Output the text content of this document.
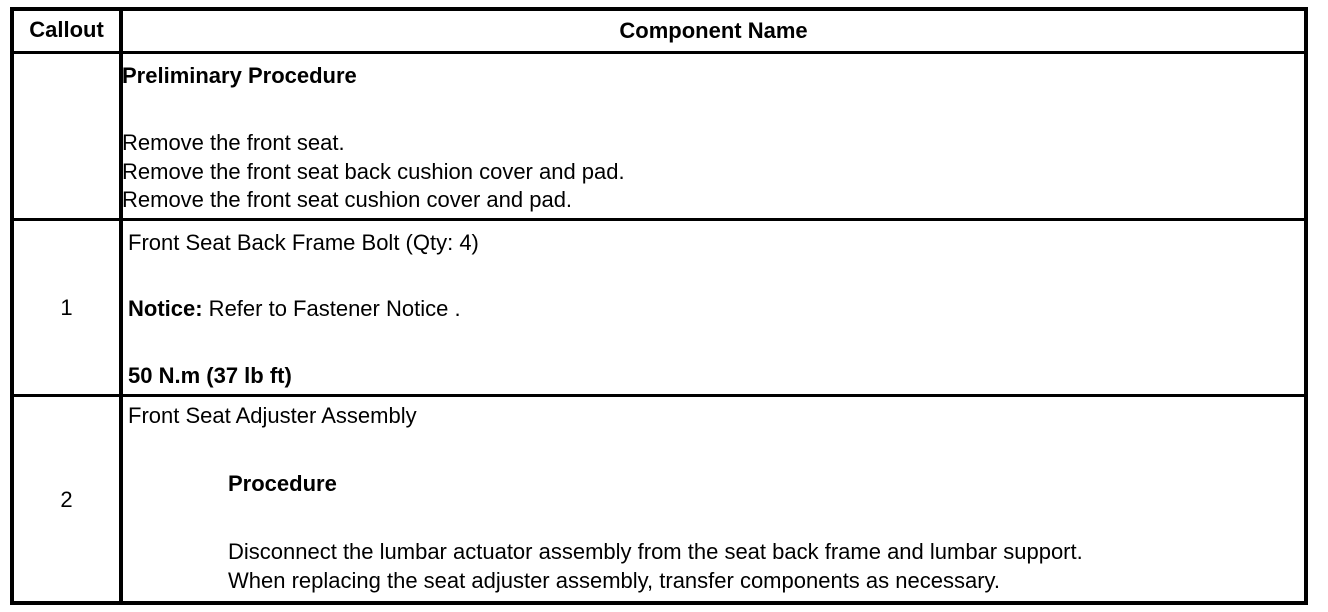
Callout	Component Name
Preliminary Procedure
Remove the front seat.
Remove the front seat back cushion cover and pad.
Remove the front seat cushion cover and pad.
1
Front Seat Back Frame Bolt (Qty: 4)
Notice: Refer to Fastener Notice .
50 N.m (37 lb ft)
2
Front Seat Adjuster Assembly
Procedure
Disconnect the lumbar actuator assembly from the seat back frame and lumbar support.
When replacing the seat adjuster assembly, transfer components as necessary.
